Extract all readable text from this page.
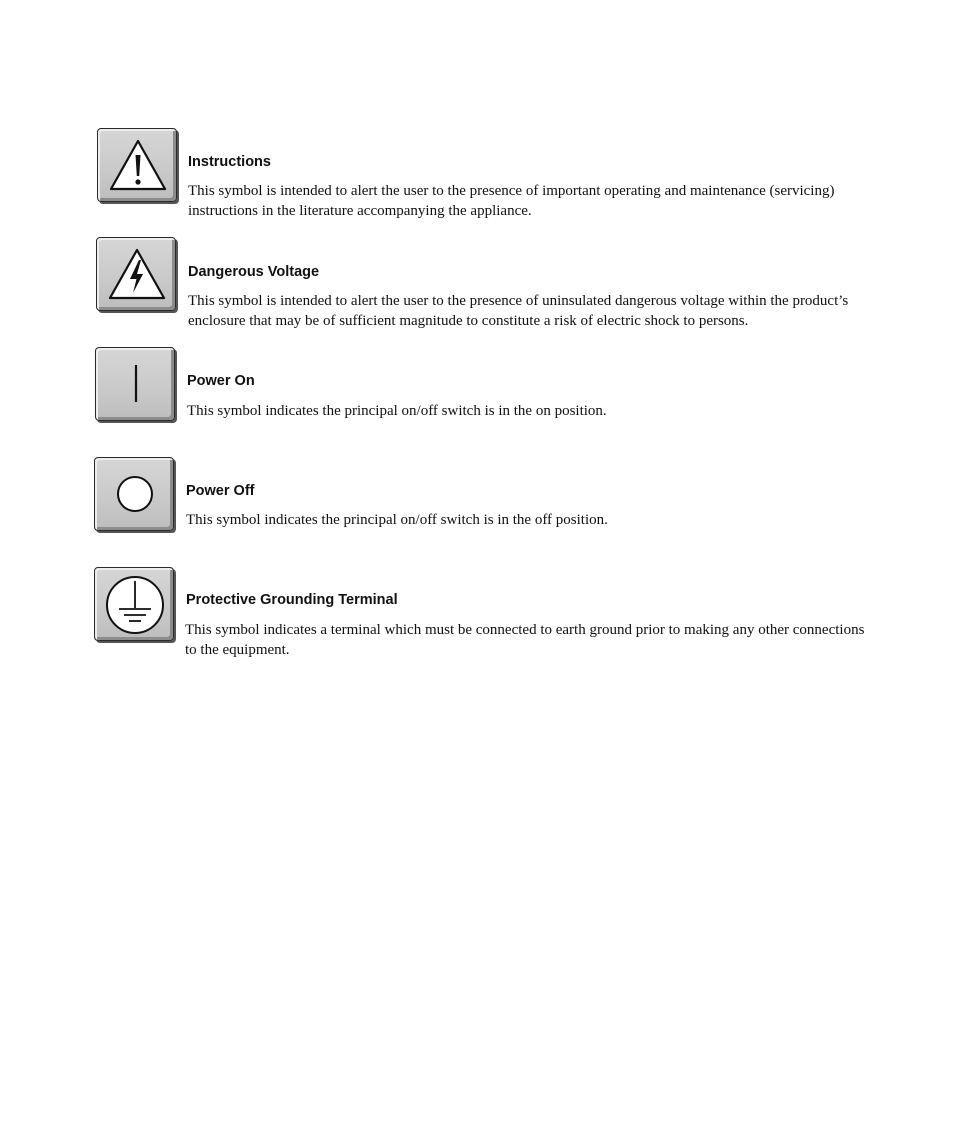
Instructions
This symbol is intended to alert the user to the presence of important operating and maintenance (servicing) instructions in the literature accompanying the appliance.
Dangerous Voltage
This symbol is intended to alert the user to the presence of uninsulated dangerous voltage within the product’s enclosure that may be of sufficient magnitude to constitute a risk of electric shock to persons.
Power On
This symbol indicates the principal on/off switch is in the on position.
Power Off
This symbol indicates the principal on/off switch is in the off position.
Protective Grounding Terminal
This symbol indicates a terminal which must be connected to earth ground prior to making any other connections to the equipment.
